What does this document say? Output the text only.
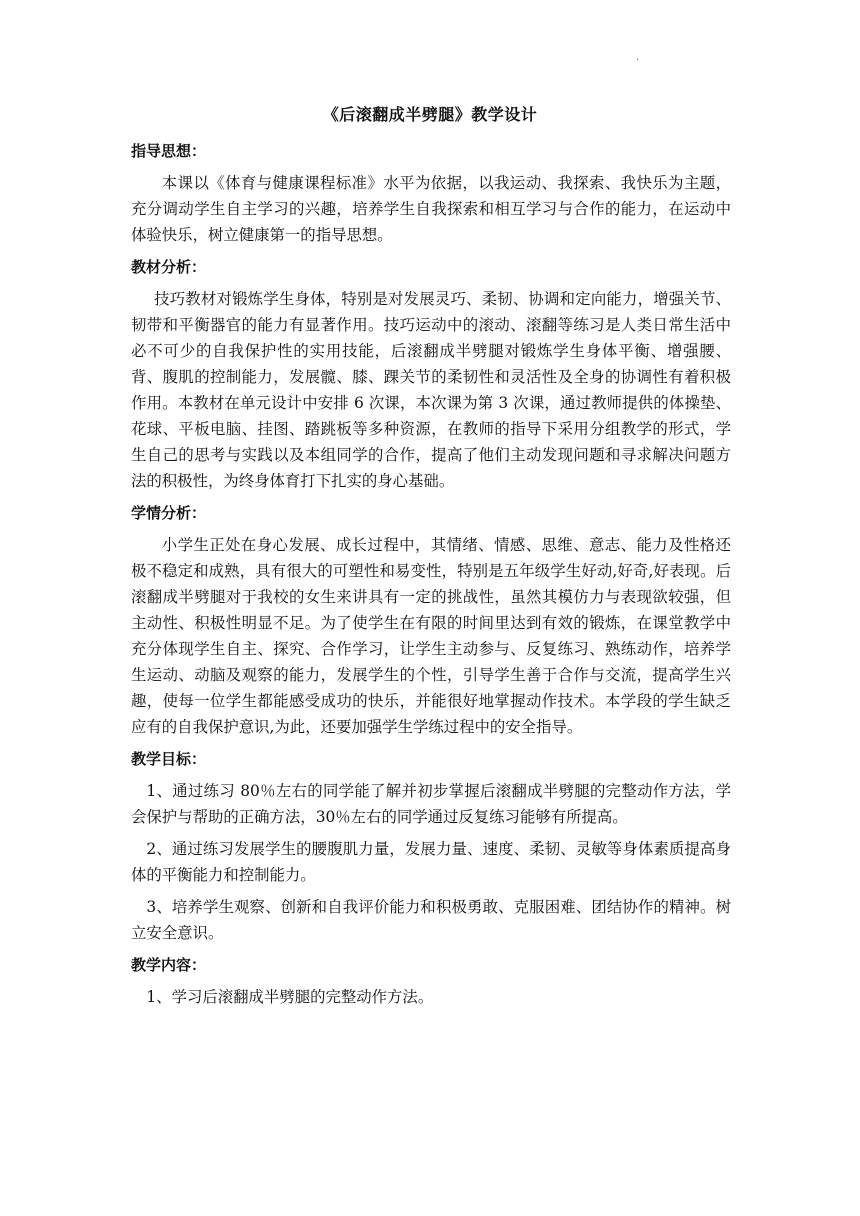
.
《后滚翻成半劈腿》教学设计
指导思想：

本课以《体育与健康课程标准》水平为依据，以我运动、我探索、我快乐为主题，充分调动学生自主学习的兴趣，培养学生自我探索和相互学习与合作的能力，在运动中体验快乐，树立健康第一的指导思想。

教材分析：

技巧教材对锻炼学生身体，特别是对发展灵巧、柔韧、协调和定向能力，增强关节、韧带和平衡器官的能力有显著作用。技巧运动中的滚动、滚翻等练习是人类日常生活中必不可少的自我保护性的实用技能，后滚翻成半劈腿对锻炼学生身体平衡、增强腰、背、腹肌的控制能力，发展髋、膝、踝关节的柔韧性和灵活性及全身的协调性有着积极作用。本教材在单元设计中安排 6 次课，本次课为第 3 次课，通过教师提供的体操垫、花球、平板电脑、挂图、踏跳板等多种资源，在教师的指导下采用分组教学的形式，学生自己的思考与实践以及本组同学的合作，提高了他们主动发现问题和寻求解决问题方法的积极性，为终身体育打下扎实的身心基础。

学情分析：

小学生正处在身心发展、成长过程中，其情绪、情感、思维、意志、能力及性格还极不稳定和成熟，具有很大的可塑性和易变性，特别是五年级学生好动,好奇,好表现。后滚翻成半劈腿对于我校的女生来讲具有一定的挑战性，虽然其模仿力与表现欲较强，但主动性、积极性明显不足。为了使学生在有限的时间里达到有效的锻炼，在课堂教学中充分体现学生自主、探究、合作学习，让学生主动参与、反复练习、熟练动作，培养学生运动、动脑及观察的能力，发展学生的个性，引导学生善于合作与交流，提高学生兴趣，使每一位学生都能感受成功的快乐，并能很好地掌握动作技术。本学段的学生缺乏应有的自我保护意识,为此，还要加强学生学练过程中的安全指导。

教学目标：

1、通过练习 80％左右的同学能了解并初步掌握后滚翻成半劈腿的完整动作方法，学会保护与帮助的正确方法，30％左右的同学通过反复练习能够有所提高。

2、通过练习发展学生的腰腹肌力量，发展力量、速度、柔韧、灵敏等身体素质提高身体的平衡能力和控制能力。

3、培养学生观察、创新和自我评价能力和积极勇敢、克服困难、团结协作的精神。树立安全意识。

教学内容：

1、学习后滚翻成半劈腿的完整动作方法。
